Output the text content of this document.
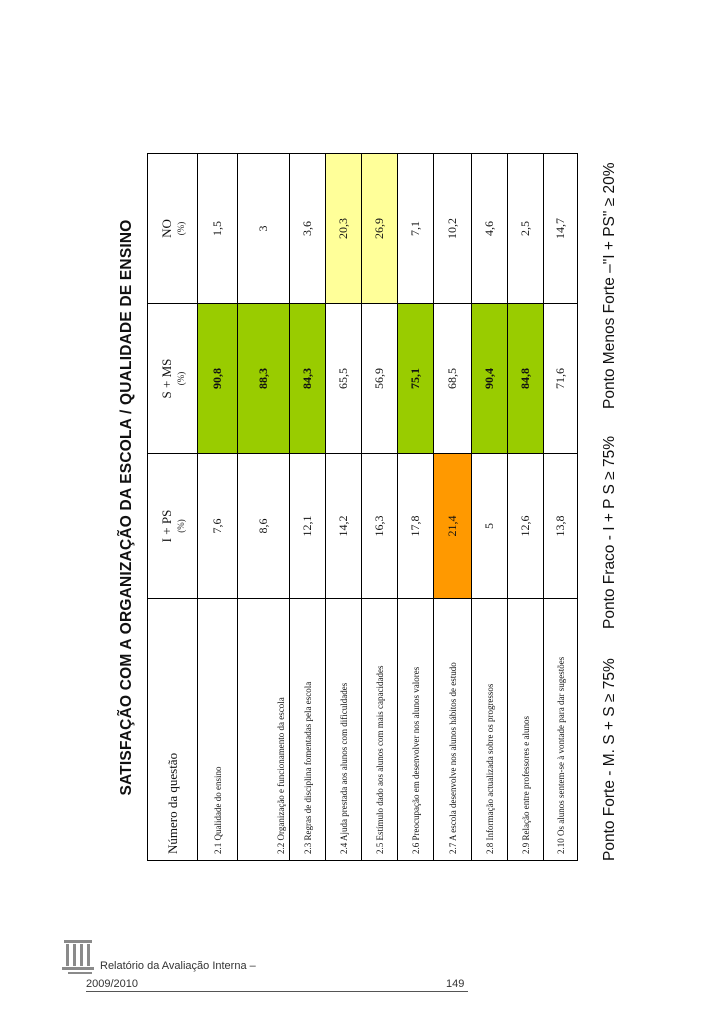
SATISFAÇÃO COM A ORGANIZAÇÃO DA ESCOLA / QUALIDADE DE ENSINO
Número da questão	I + PS (%)	S + MS (%)	NO (%)

2.1 Qualidade do ensino	7,6	90,8	1,5
2.2 Organização e funcionamento da escola	8,6	88,3	3
2.3 Regras de disciplina fomentadas pela escola	12,1	84,3	3,6
2.4 Ajuda prestada aos alunos com dificuldades	14,2	65,5	20,3
2.5 Estímulo dado aos alunos com mais capacidades	16,3	56,9	26,9
2.6 Preocupação em desenvolver nos alunos valores	17,8	75,1	7,1
2.7 A escola desenvolve nos alunos hábitos de estudo	21,4	68,5	10,2
2.8 Informação actualizada sobre os progressos	5	90,4	4,6
2.9 Relação entre professores e alunos	12,6	84,8	2,5
2.10 Os alunos sentem-se à vontade para dar sugestões	13,8	71,6	14,7
Ponto Forte - M. S + S ≥ 75%
Ponto Fraco - I + P S ≥ 75%
Ponto Menos Forte –"I + PS" ≥ 20%
Relatório da Avaliação Interna –
2009/2010	149
